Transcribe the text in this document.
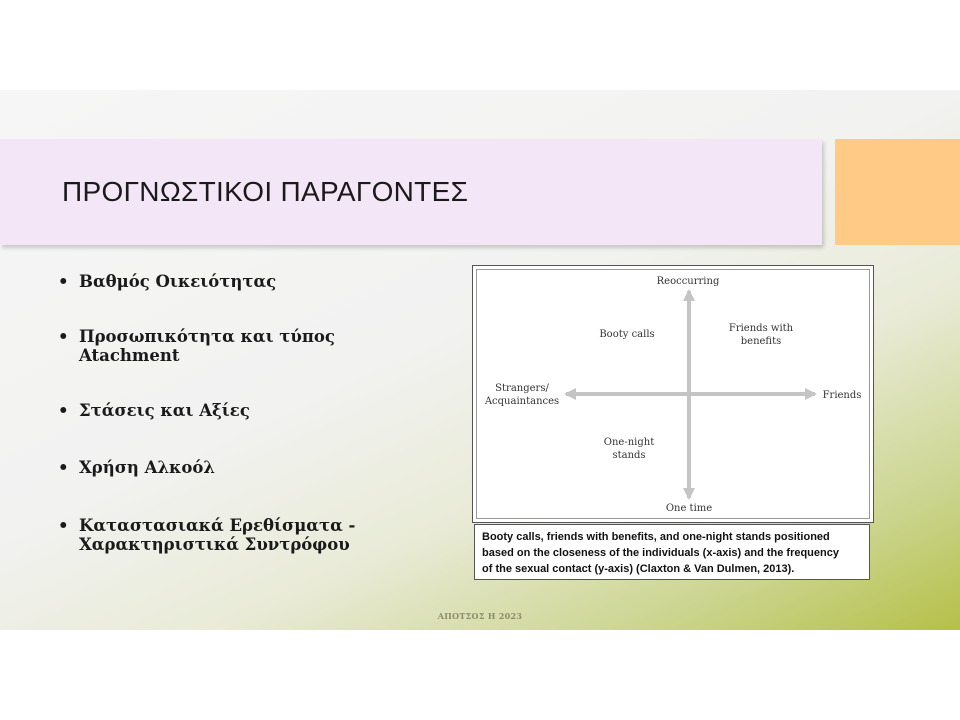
ΠΡΟΓΝΩΣΤΙΚΟΙ ΠΑΡΑΓΟΝΤΕΣ
• Βαθμός Οικειότητας
• Προσωπικότητα και τύπος
Atachment
• Στάσεις και Αξίες
• Χρήση Αλκοόλ
• Καταστασιακά Ερεθίσματα -
Χαρακτηριστικά Συντρόφου
Reoccurring
One time
Strangers/
Acquaintances
Friends
Booty calls
Friends with
benefits
One-night
stands
Booty calls, friends with benefits, and one-night stands positioned
based on the closeness of the individuals (x-axis) and the frequency
of the sexual contact (y-axis) (Claxton & Van Dulmen, 2013).
ΑΠΟΤΣΟΣ Η 2023
